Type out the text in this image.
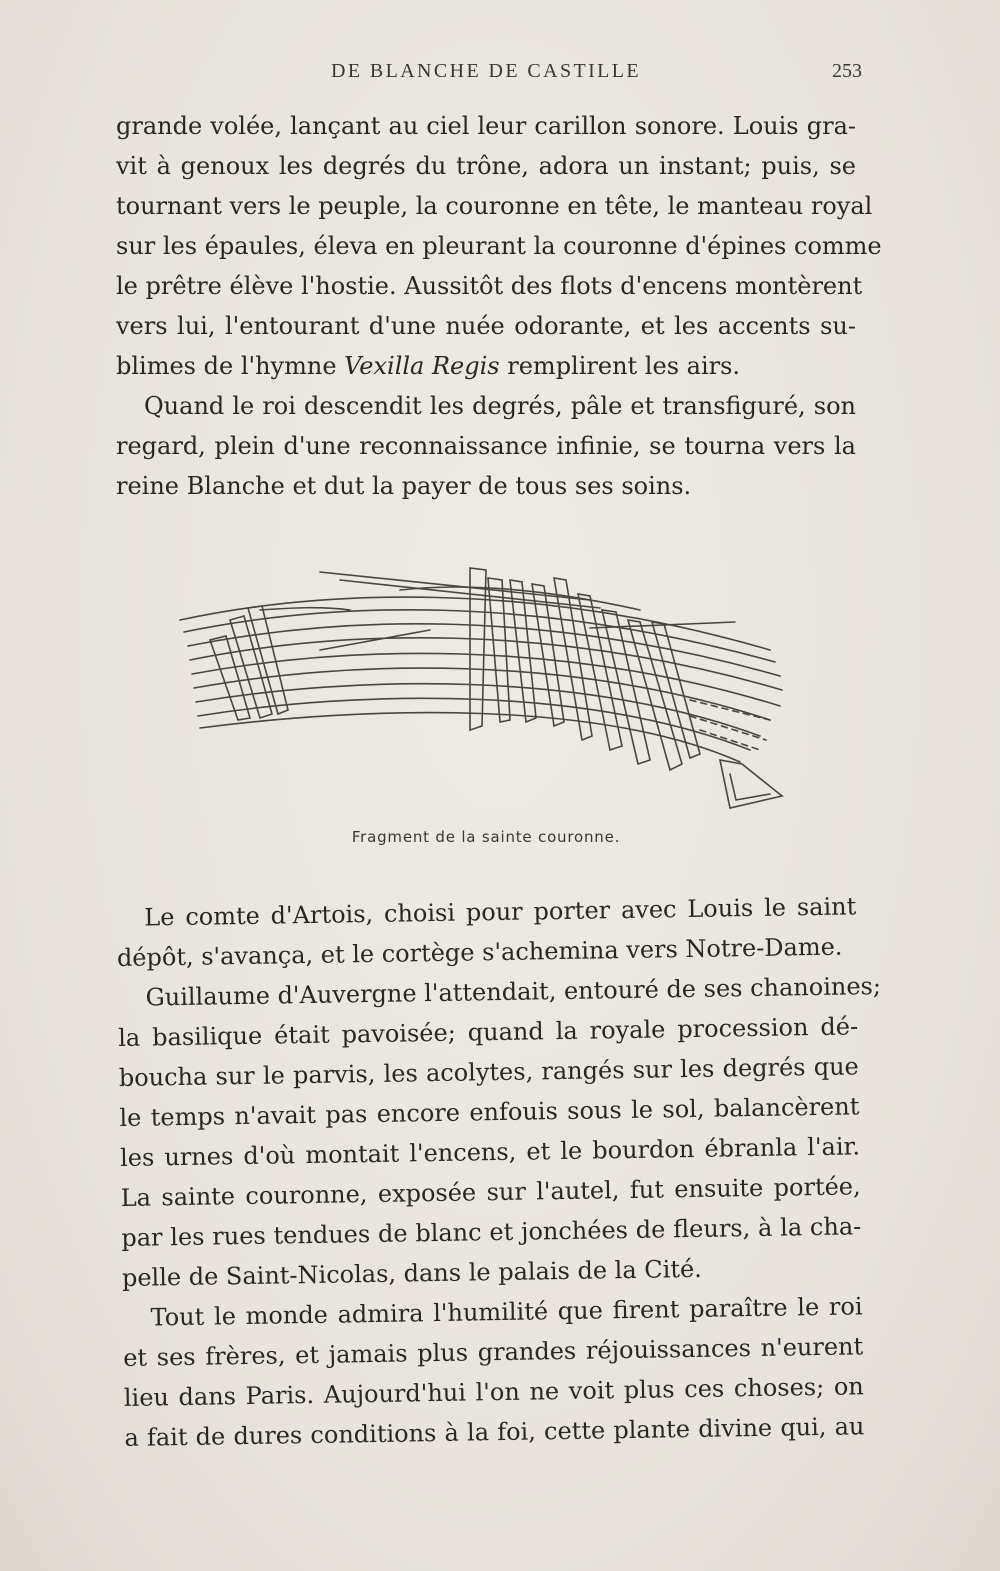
DE BLANCHE DE CASTILLE	253

grande volée, lançant au ciel leur carillon sonore. Louis gra-
vit à genoux les degrés du trône, adora un instant; puis, se
tournant vers le peuple, la couronne en tête, le manteau royal
sur les épaules, éleva en pleurant la couronne d'épines comme
le prêtre élève l'hostie. Aussitôt des flots d'encens montèrent
vers lui, l'entourant d'une nuée odorante, et les accents su-
blimes de l'hymne Vexilla Regis remplirent les airs.

Quand le roi descendit les degrés, pâle et transfiguré, son
regard, plein d'une reconnaissance infinie, se tourna vers la
reine Blanche et dut la payer de tous ses soins.

Fragment de la sainte couronne.

Le comte d'Artois, choisi pour porter avec Louis le saint
dépôt, s'avança, et le cortège s'achemina vers Notre-Dame.

Guillaume d'Auvergne l'attendait, entouré de ses chanoines;
la basilique était pavoisée; quand la royale procession dé-
boucha sur le parvis, les acolytes, rangés sur les degrés que
le temps n'avait pas encore enfouis sous le sol, balancèrent
les urnes d'où montait l'encens, et le bourdon ébranla l'air.
La sainte couronne, exposée sur l'autel, fut ensuite portée,
par les rues tendues de blanc et jonchées de fleurs, à la cha-
pelle de Saint-Nicolas, dans le palais de la Cité.

Tout le monde admira l'humilité que firent paraître le roi
et ses frères, et jamais plus grandes réjouissances n'eurent
lieu dans Paris. Aujourd'hui l'on ne voit plus ces choses; on
a fait de dures conditions à la foi, cette plante divine qui, au
